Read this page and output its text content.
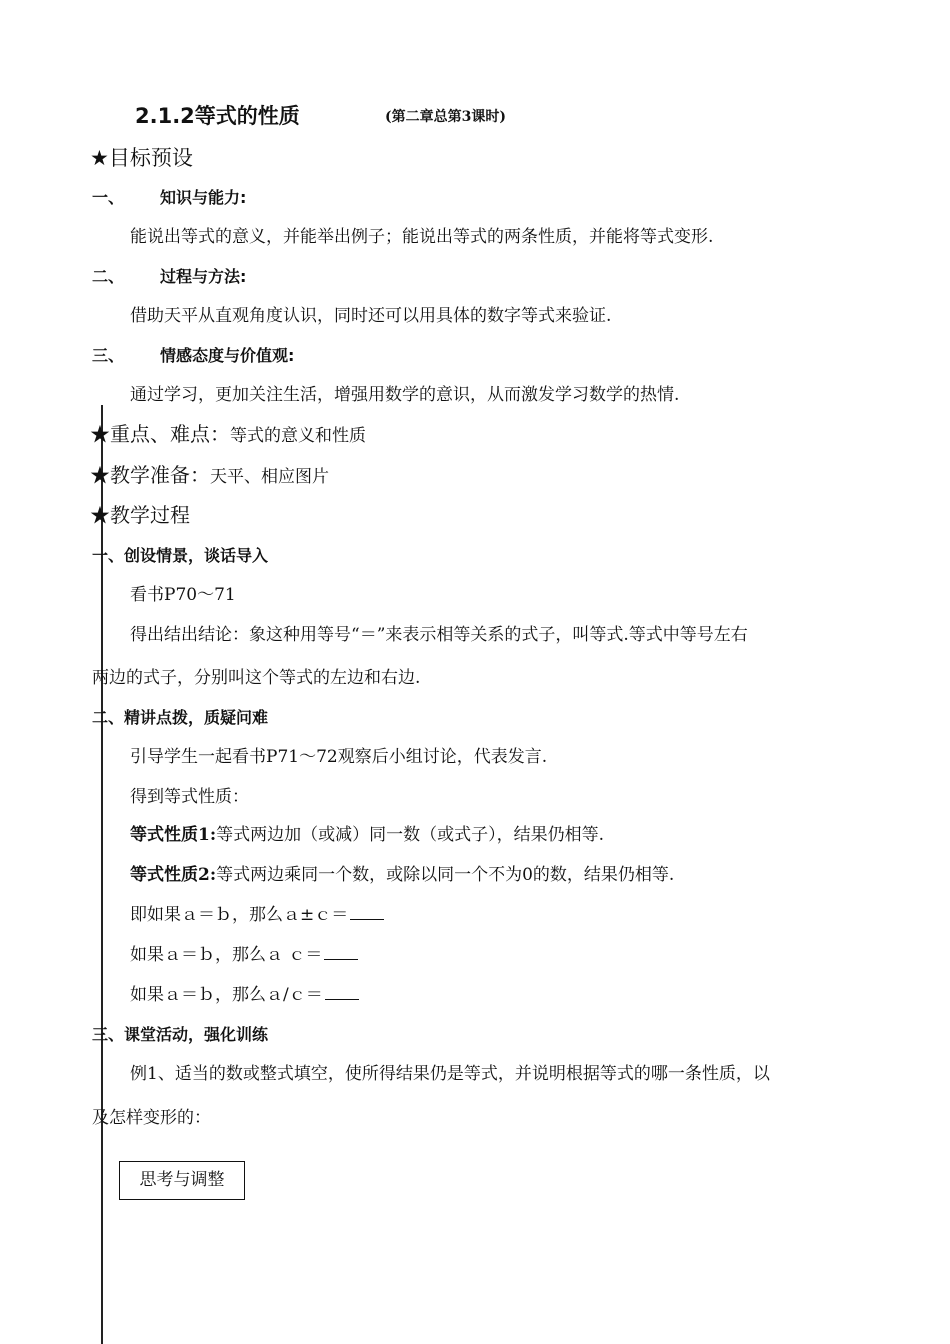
2.1.2等式的性质	(第二章总第3课时)
★目标预设
一、 知识与能力:
能说出等式的意义，并能举出例子；能说出等式的两条性质，并能将等式变形.
二、 过程与方法:
借助天平从直观角度认识，同时还可以用具体的数字等式来验证.
三、 情感态度与价值观:
通过学习，更加关注生活，增强用数学的意识，从而激发学习数学的热情.
★重点、难点：等式的意义和性质
★教学准备：天平、相应图片
★教学过程
一、创设情景，谈话导入
看书P70～71
得出结出结论：象这种用等号“＝”来表示相等关系的式子，叫等式.等式中等号左右
两边的式子，分别叫这个等式的左边和右边.
二、精讲点拨，质疑问难
引导学生一起看书P71～72观察后小组讨论，代表发言.
得到等式性质：
等式性质1:等式两边加（或减）同一数（或式子），结果仍相等.
等式性质2:等式两边乘同一个数，或除以同一个不为0的数，结果仍相等.
即如果ａ＝ｂ，那么ａ±ｃ＝
如果ａ＝ｂ，那么ａ ｃ＝
如果ａ＝ｂ，那么ａ/ｃ＝
三、课堂活动，强化训练
例1、适当的数或整式填空，使所得结果仍是等式，并说明根据等式的哪一条性质，以
及怎样变形的：
思考与调整
